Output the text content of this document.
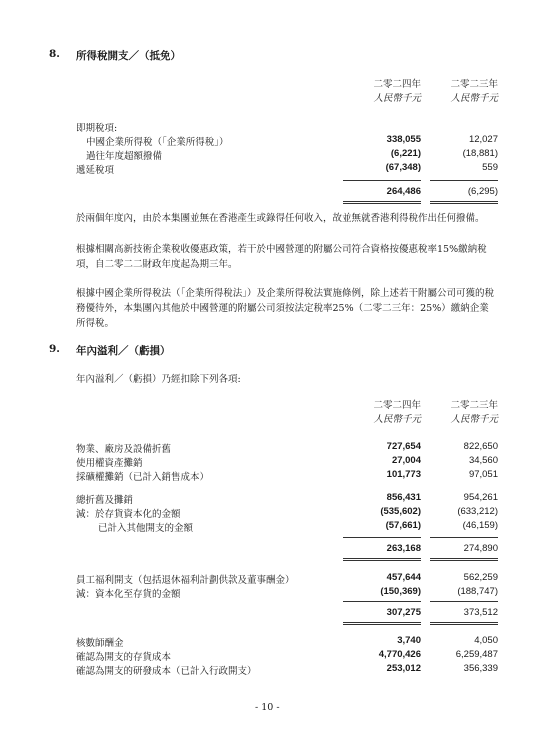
8. 所得稅開支／（抵免）
二零二四年
人民幣千元
二零二三年
人民幣千元
即期稅項:
中國企業所得稅（「企業所得稅」）	338,055	12,027
過往年度超額撥備	(6,221)	(18,881)
遞延稅項	(67,348)	559
264,486	(6,295)
於兩個年度內，由於本集團並無在香港產生或錄得任何收入，故並無就香港利得稅作出任何撥備。
根據相關高新技術企業稅收優惠政策，若干於中國營運的附屬公司符合資格按優惠稅率15%繳納稅項，自二零二二財政年度起為期三年。
根據中國企業所得稅法（「企業所得稅法」）及企業所得稅法實施條例，除上述若干附屬公司可獲的稅務優待外，本集團內其他於中國營運的附屬公司須按法定稅率25%（二零二三年：25%）繳納企業所得稅。
9. 年內溢利／（虧損）
年內溢利／（虧損）乃經扣除下列各項:
二零二四年
人民幣千元
二零二三年
人民幣千元
物業、廠房及設備折舊	727,654	822,650
使用權資產攤銷	27,004	34,560
採礦權攤銷（已計入銷售成本）	101,773	97,051
總折舊及攤銷	856,431	954,261
減：於存貨資本化的金額	(535,602)	(633,212)
已計入其他開支的金額	(57,661)	(46,159)
263,168	274,890
員工福利開支（包括退休福利計劃供款及董事酬金）	457,644	562,259
減：資本化至存貨的金額	(150,369)	(188,747)
307,275	373,512
核數師酬金	3,740	4,050
確認為開支的存貨成本	4,770,426	6,259,487
確認為開支的研發成本（已計入行政開支）	253,012	356,339
- 10 -
